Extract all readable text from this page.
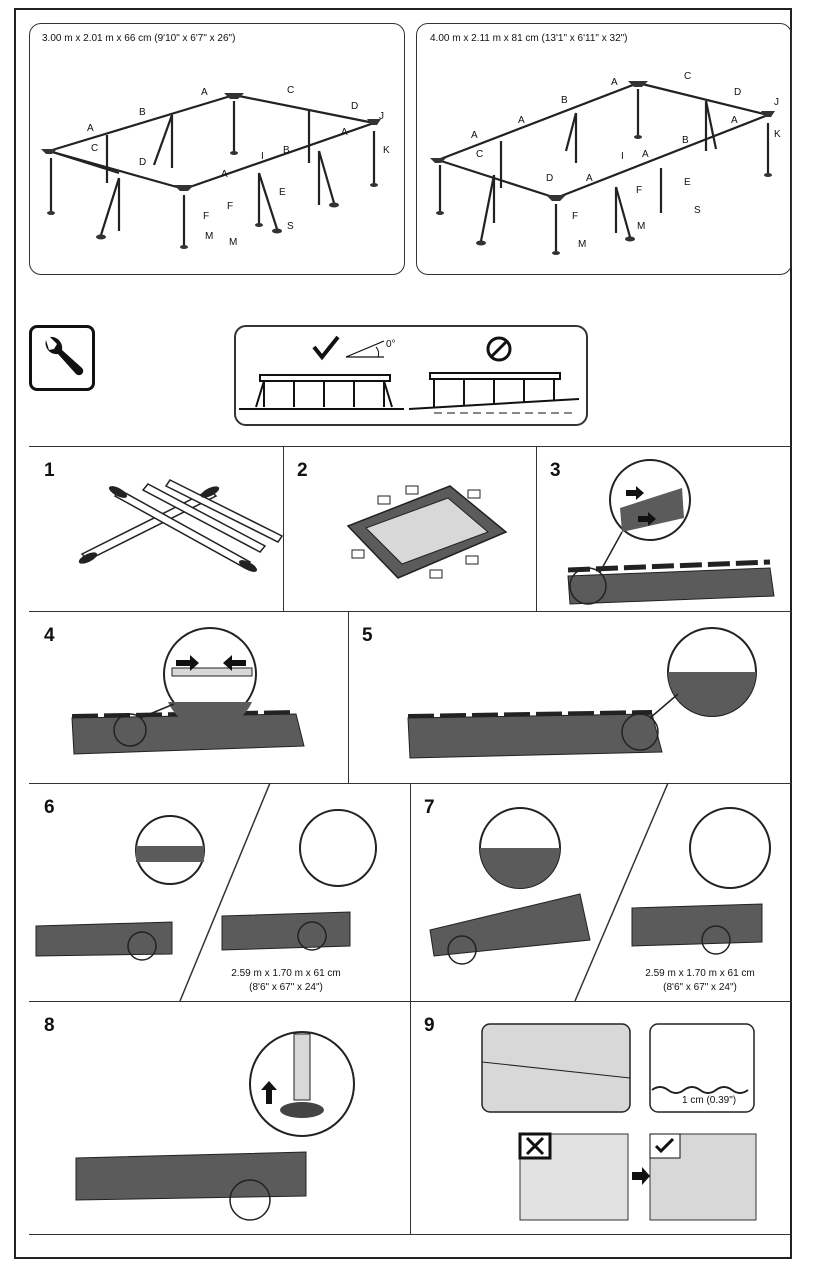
3.00 m x 2.01 m x 66 cm (9'10" x 6'7" x 26")
A
B
A	C
J
D
C
A
K
D
I
B
A
E
F
F
M
M
S
4.00 m x 2.11 m x 81 cm (13'1" x 6'11" x 32")
A
C
B
D
A
J
A
K
B
C
A
I A
D	A	E
F
S
M
F
M
0°
1	2	3
4	5
6	7
8	9
2.59 m x 1.70 m x 61 cm
(8'6" x 67" x 24")
2.59 m x 1.70 m x 61 cm
(8'6" x 67" x 24")
1 cm (0.39")
